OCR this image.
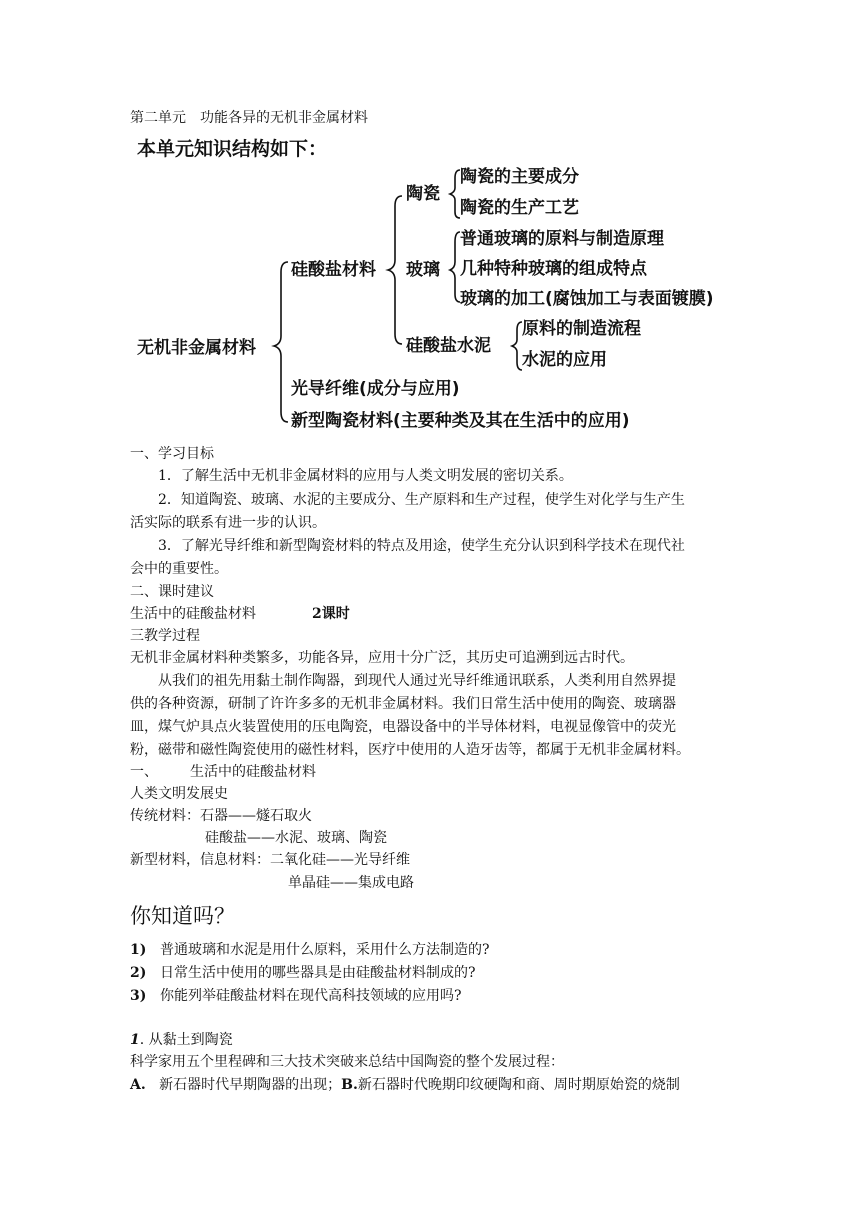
第二单元　功能各异的无机非金属材料
本单元知识结构如下：
无机非金属材料
硅酸盐材料
陶瓷
陶瓷的主要成分
陶瓷的生产工艺
玻璃
普通玻璃的原料与制造原理
几种特种玻璃的组成特点
玻璃的加工(腐蚀加工与表面镀膜)
硅酸盐水泥
原料的制造流程
水泥的应用
光导纤维(成分与应用)
新型陶瓷材料(主要种类及其在生活中的应用)
一、学习目标
1．了解生活中无机非金属材料的应用与人类文明发展的密切关系。
2．知道陶瓷、玻璃、水泥的主要成分、生产原料和生产过程，使学生对化学与生产生
活实际的联系有进一步的认识。
3．了解光导纤维和新型陶瓷材料的特点及用途，使学生充分认识到科学技术在现代社
会中的重要性。
二、课时建议
生活中的硅酸盐材料	2课时
三教学过程
无机非金属材料种类繁多，功能各异，应用十分广泛，其历史可追溯到远古时代。
从我们的祖先用黏土制作陶器，到现代人通过光导纤维通讯联系，人类利用自然界提
供的各种资源，研制了许许多多的无机非金属材料。我们日常生活中使用的陶瓷、玻璃器
皿，煤气炉具点火装置使用的压电陶瓷，电器设备中的半导体材料，电视显像管中的荧光
粉，磁带和磁性陶瓷使用的磁性材料，医疗中使用的人造牙齿等，都属于无机非金属材料。
一、 生活中的硅酸盐材料
人类文明发展史
传统材料：石器——燧石取火
硅酸盐——水泥、玻璃、陶瓷
新型材料，信息材料：二氧化硅——光导纤维
单晶硅——集成电路
你知道吗？
1) 普通玻璃和水泥是用什么原料，采用什么方法制造的?
2) 日常生活中使用的哪些器具是由硅酸盐材料制成的?
3) 你能列举硅酸盐材料在现代高科技领域的应用吗?
1. 从黏土到陶瓷
科学家用五个里程碑和三大技术突破来总结中国陶瓷的整个发展过程：
A. 新石器时代早期陶器的出现；B.新石器时代晚期印纹硬陶和商、周时期原始瓷的烧制
